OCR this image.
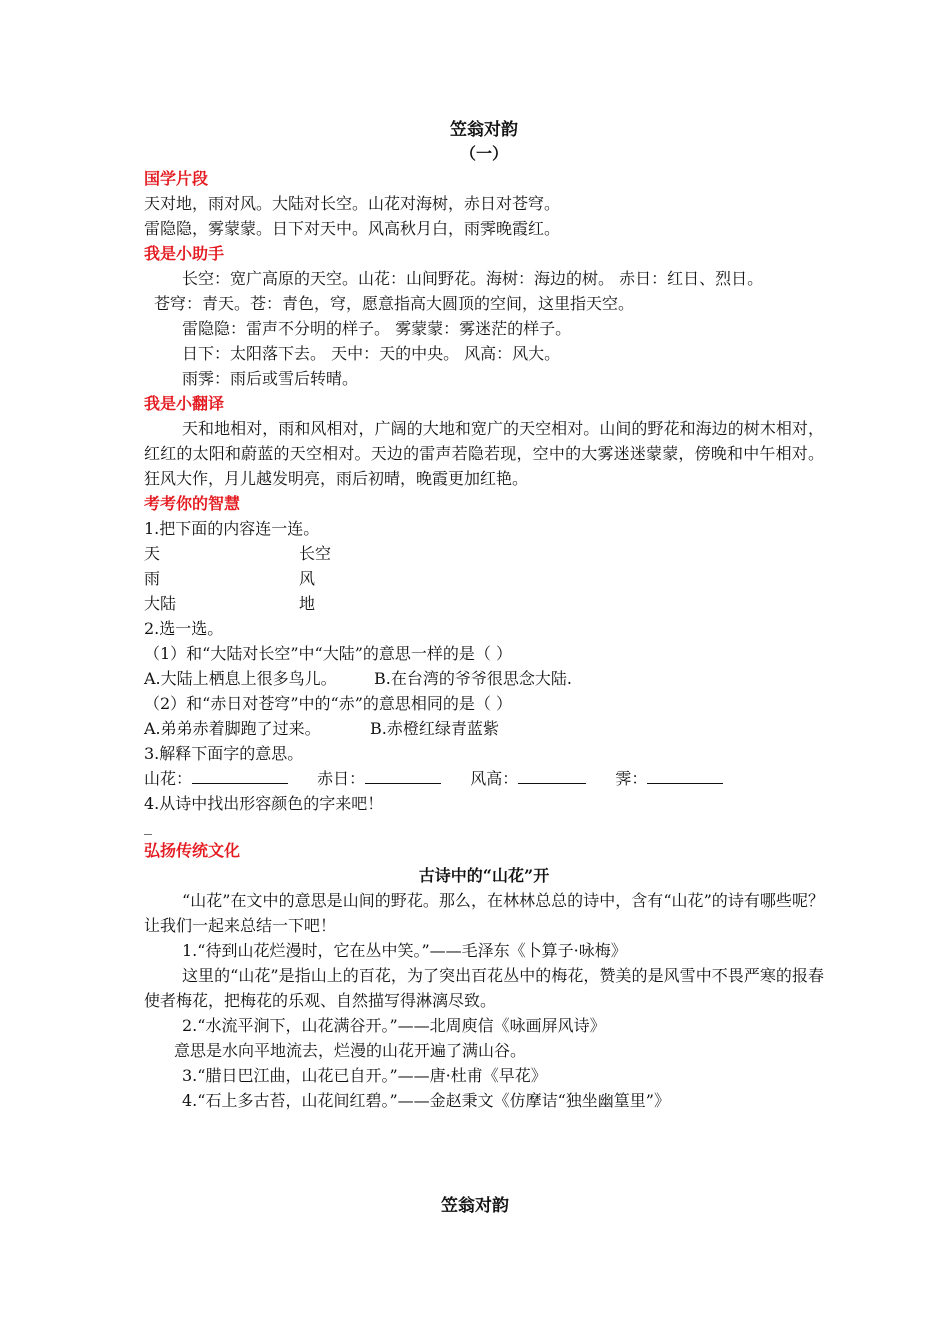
笠翁对韵
（一）
国学片段
天对地，雨对风。大陆对长空。山花对海树，赤日对苍穹。
雷隐隐，雾蒙蒙。日下对天中。风高秋月白，雨霁晚霞红。
我是小助手
长空：宽广高原的天空。山花：山间野花。海树：海边的树。 赤日：红日、烈日。
苍穹：青天。苍：青色，穹，愿意指高大圆顶的空间，这里指天空。
雷隐隐：雷声不分明的样子。 雾蒙蒙：雾迷茫的样子。
日下：太阳落下去。 天中：天的中央。 风高：风大。
雨霁：雨后或雪后转晴。
我是小翻译
天和地相对，雨和风相对，广阔的大地和宽广的天空相对。山间的野花和海边的树木相对，红红的太阳和蔚蓝的天空相对。天边的雷声若隐若现，空中的大雾迷迷蒙蒙，傍晚和中午相对。狂风大作，月儿越发明亮，雨后初晴，晚霞更加红艳。
考考你的智慧
1.把下面的内容连一连。
天	长空
雨	风
大陆	地
2.选一选。
（1）和“大陆对长空”中“大陆”的意思一样的是（ ）
A.大陆上栖息上很多鸟儿。 B.在台湾的爷爷很思念大陆.
（2）和“赤日对苍穹”中的“赤”的意思相同的是（ ）
A.弟弟赤着脚跑了过来。	B.赤橙红绿青蓝紫
3.解释下面字的意思。
山花：	赤日：	风高：	霁：
4.从诗中找出形容颜色的字来吧！
_
弘扬传统文化
古诗中的“山花”开
“山花”在文中的意思是山间的野花。那么，在林林总总的诗中，含有“山花”的诗有哪些呢？让我们一起来总结一下吧！
1.“待到山花烂漫时，它在丛中笑。”——毛泽东《卜算子·咏梅》
这里的“山花”是指山上的百花，为了突出百花丛中的梅花，赞美的是风雪中不畏严寒的报春使者梅花，把梅花的乐观、自然描写得淋漓尽致。
2.“水流平涧下，山花满谷开。”——北周庾信《咏画屏风诗》
意思是水向平地流去，烂漫的山花开遍了满山谷。
3.“腊日巴江曲，山花已自开。”——唐·杜甫《早花》
4.“石上多古苔，山花间红碧。”——金赵秉文《仿摩诘“独坐幽篁里”》
笠翁对韵
